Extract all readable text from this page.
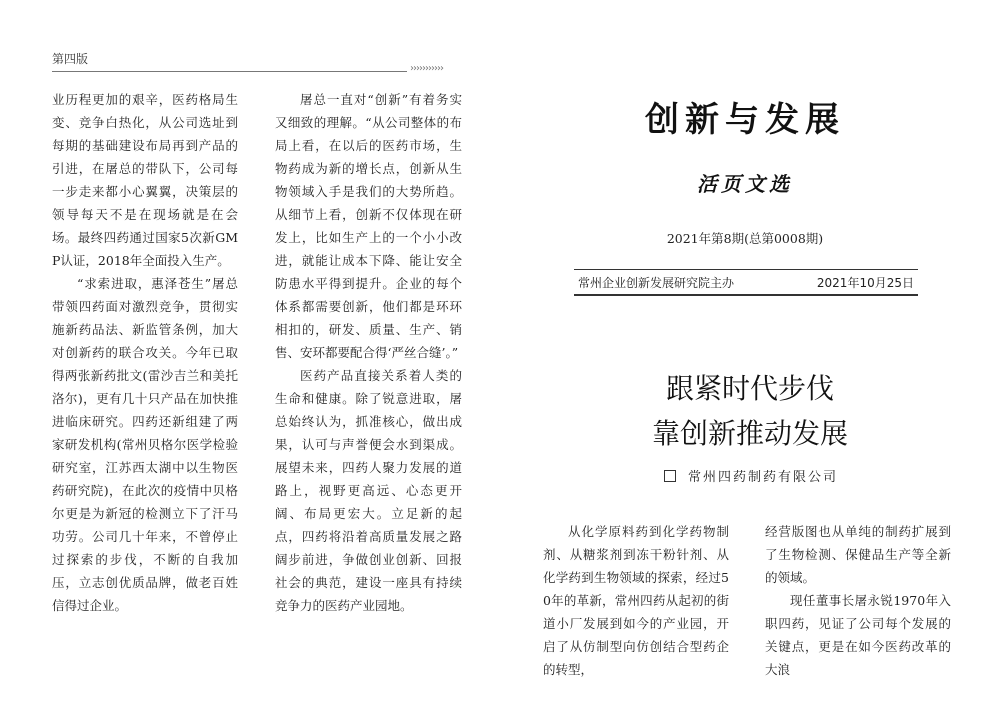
第四版
›››››››››››

业历程更加的艰辛，医药格局生变、竞争白热化，从公司选址到每期的基础建设布局再到产品的引进，在屠总的带队下，公司每一步走来都小心翼翼，决策层的领导每天不是在现场就是在会场。最终四药通过国家5次新GMP认证，2018年全面投入生产。

“求索进取，惠泽苍生”屠总带领四药面对激烈竞争，贯彻实施新药品法、新监管条例，加大对创新药的联合攻关。今年已取得两张新药批文(雷沙吉兰和美托洛尔)，更有几十只产品在加快推进临床研究。四药还新组建了两家研发机构(常州贝格尔医学检验研究室，江苏西太湖中以生物医药研究院)，在此次的疫情中贝格尔更是为新冠的检测立下了汗马功劳。公司几十年来，不曾停止过探索的步伐，不断的自我加压，立志创优质品牌，做老百姓信得过企业。

屠总一直对“创新”有着务实又细致的理解。“从公司整体的布局上看，在以后的医药市场，生物药成为新的增长点，创新从生物领域入手是我们的大势所趋。从细节上看，创新不仅体现在研发上，比如生产上的一个小小改进，就能让成本下降、能让安全防患水平得到提升。企业的每个体系都需要创新，他们都是环环相扣的，研发、质量、生产、销售、安环都要配合得‘严丝合缝’。”

医药产品直接关系着人类的生命和健康。除了锐意进取，屠总始终认为，抓准核心，做出成果，认可与声誉便会水到渠成。展望未来，四药人聚力发展的道路上，视野更高远、心态更开阔、布局更宏大。立足新的起点，四药将沿着高质量发展之路阔步前进，争做创业创新、回报社会的典范，建设一座具有持续竞争力的医药产业园地。

创新与发展
活页文选
2021年第8期(总第0008期)
常州企业创新发展研究院主办	2021年10月25日
跟紧时代步伐
靠创新推动发展
常州四药制药有限公司

从化学原料药到化学药物制剂、从糖浆剂到冻干粉针剂、从化学药到生物领域的探索，经过50年的革新，常州四药从起初的街道小厂发展到如今的产业园，开启了从仿制型向仿创结合型药企的转型，

经营版图也从单纯的制药扩展到了生物检测、保健品生产等全新的领域。

现任董事长屠永锐1970年入职四药，见证了公司每个发展的关键点，更是在如今医药改革的大浪
